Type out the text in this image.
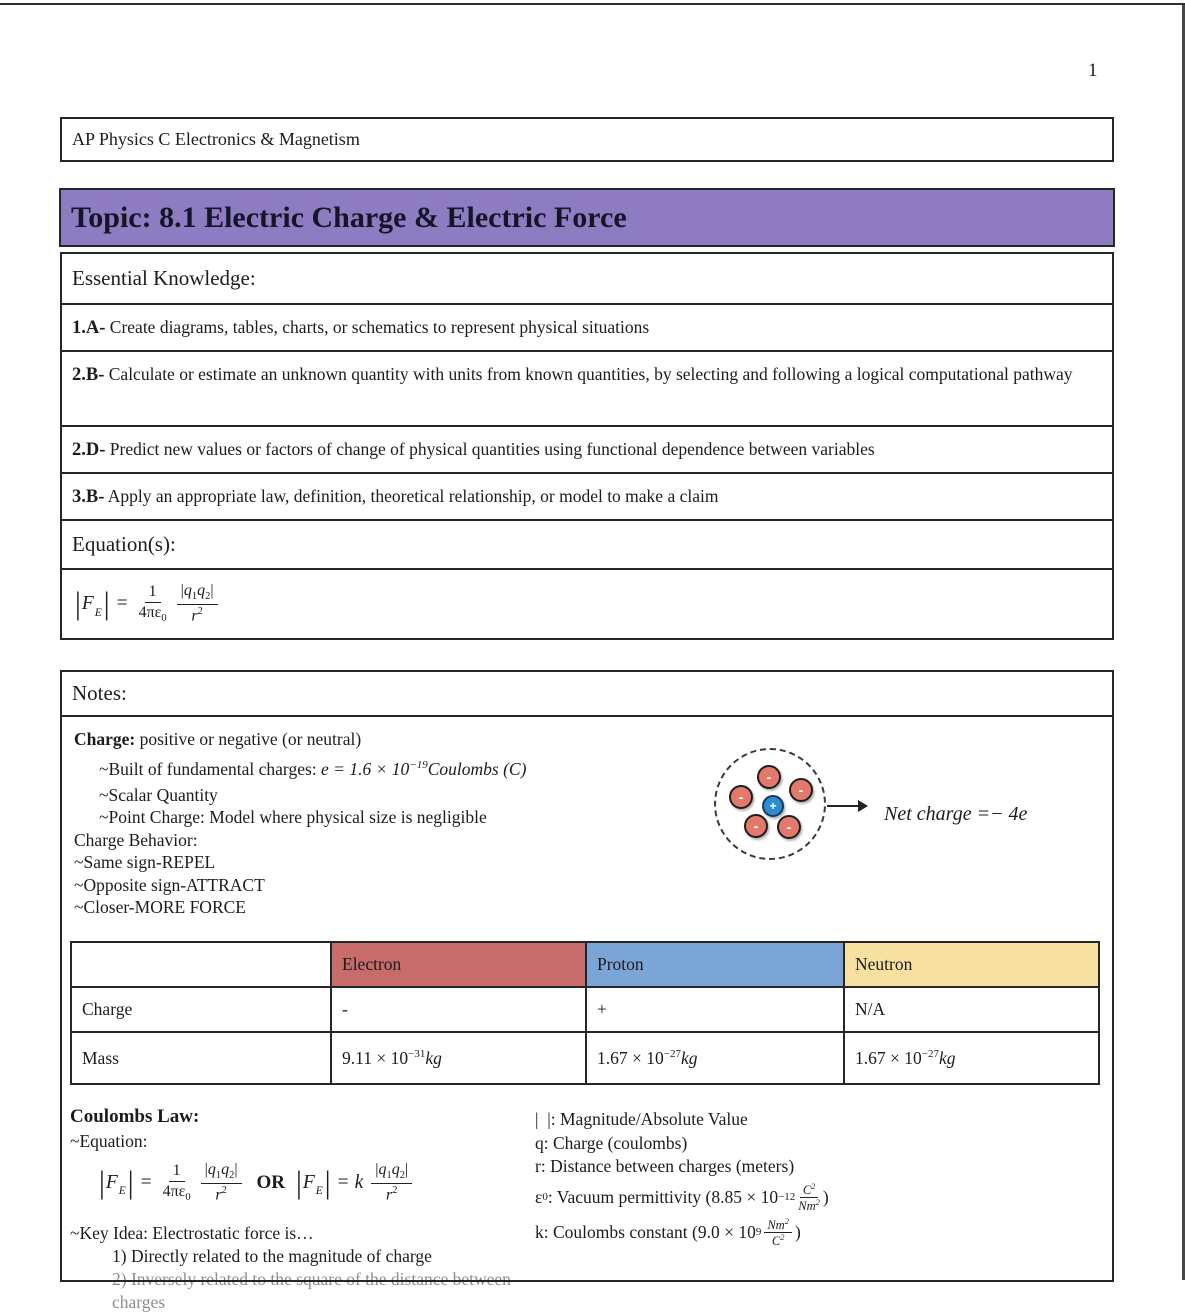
1
AP Physics C Electronics & Magnetism
Topic: 8.1 Electric Charge & Electric Force
Essential Knowledge:
1.A- Create diagrams, tables, charts, or schematics to represent physical situations
2.B- Calculate or estimate an unknown quantity with units from known quantities, by selecting and following a logical computational pathway
2.D- Predict new values or factors of change of physical quantities using functional dependence between variables
3.B- Apply an appropriate law, definition, theoretical relationship, or model to make a claim
Equation(s):
| F E | = $\frac{1}{4\pi\varepsilon_0} \frac{|q_1q_2|}{r^2}$
Notes:
Charge: positive or negative (or neutral)
~Built of fundamental charges: $e = 1.6 \times 10^{-19}Coulombs$ (C)
~Scalar Quantity
~Point Charge: Model where physical size is negligible
Charge Behavior:
~Same sign-REPEL
~Opposite sign-ATTRACT
~Closer-MORE FORCE
-
-
-
+
- -
Net charge =− 4e
	Electron	Proton	Neutron
Charge	-	+	N/A
Mass	$9.11 \times 10^{-31}kg$	$1.67 \times 10^{-27}kg$	$1.67 \times 10^{-27}kg$
Coulombs Law:
~Equation:
| F E | = $\frac{1}{4\pi\varepsilon_0} \frac{|q_1q_2|}{r^2}$ OR | F E | = k $\frac{|q_1q_2|}{r^2}$
~Key Idea: Electrostatic force is…
1) Directly related to the magnitude of charge
charges
|  |: Magnitude/Absolute Value
q: Charge (coulombs)
r: Distance between charges (meters)
ε 0 : Vacuum permittivity (8.85 × 10 −12
$C^2$
Nm$^2$ )
k: Coulombs constant (9.0 × 10 9
Nm$^2$
$C^2$ )
